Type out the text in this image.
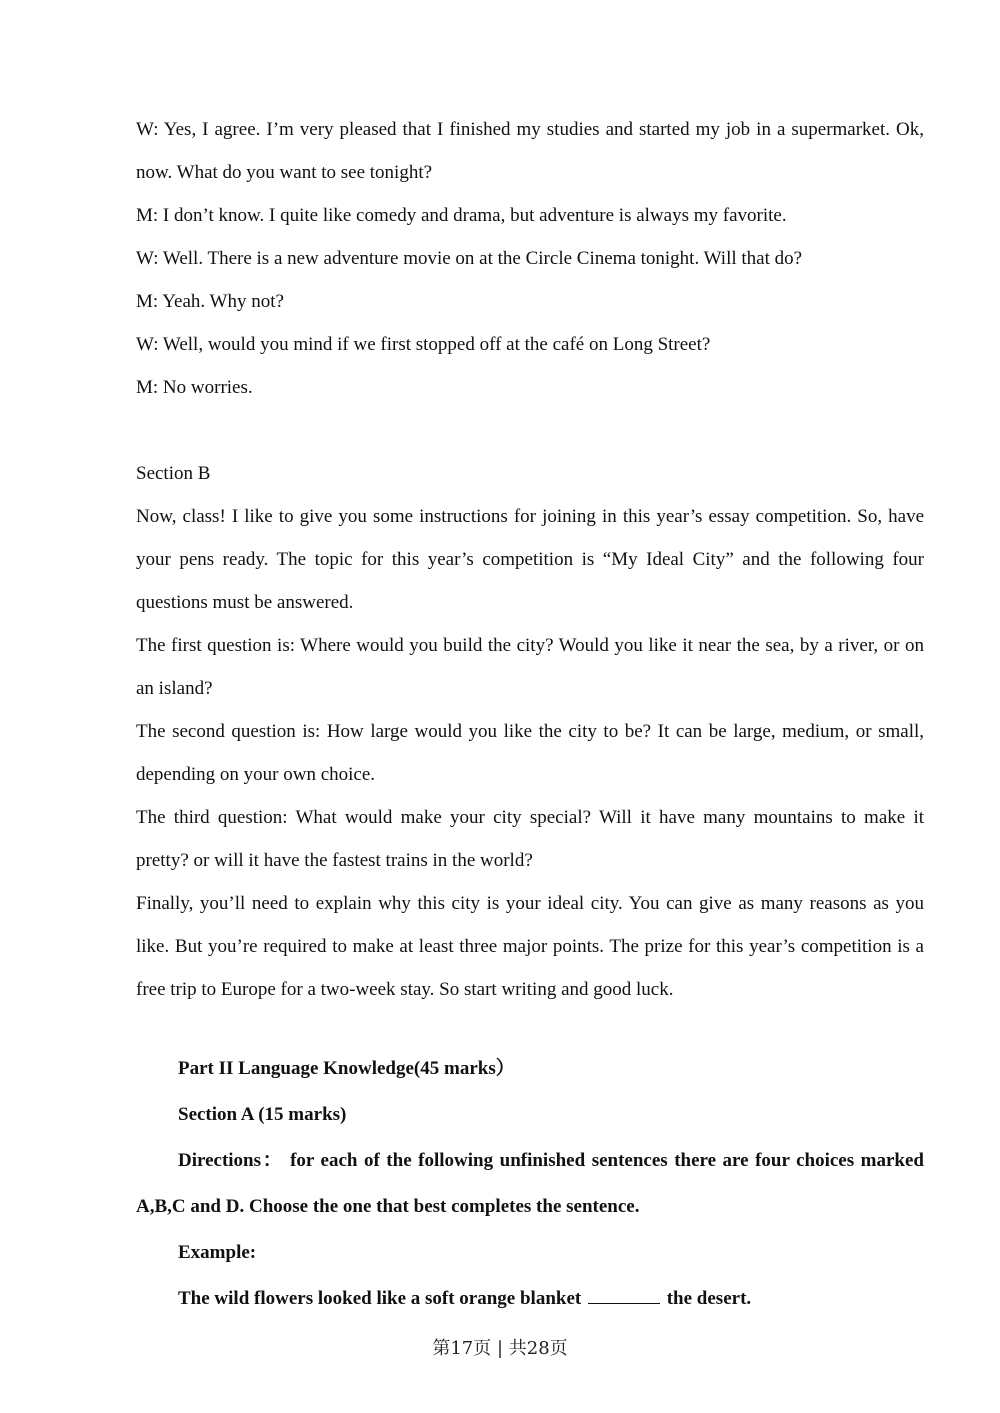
W: Yes, I agree. I’m very pleased that I finished my studies and started my job in a supermarket. Ok, now. What do you want to see tonight?

M: I don’t know. I quite like comedy and drama, but adventure is always my favorite.

W: Well. There is a new adventure movie on at the Circle Cinema tonight. Will that do?

M: Yeah. Why not?

W: Well, would you mind if we first stopped off at the café on Long Street?

M: No worries.

Section B

Now, class! I like to give you some instructions for joining in this year’s essay competition. So, have your pens ready. The topic for this year’s competition is “My Ideal City” and the following four questions must be answered.

The first question is: Where would you build the city? Would you like it near the sea, by a river, or on an island?

The second question is: How large would you like the city to be? It can be large, medium, or small, depending on your own choice.

The third question: What would make your city special? Will it have many mountains to make it pretty? or will it have the fastest trains in the world?

Finally, you’ll need to explain why this city is your ideal city. You can give as many reasons as you like. But you’re required to make at least three major points. The prize for this year’s competition is a free trip to Europe for a two-week stay. So start writing and good luck.

Part II Language Knowledge(45 marks）

Section A (15 marks)

Directions： for each of the following unfinished sentences there are four choices marked A,B,C and D. Choose the one that best completes the sentence.

Example:

The wild flowers looked like a soft orange blanket	the desert.

第17页 | 共28页
